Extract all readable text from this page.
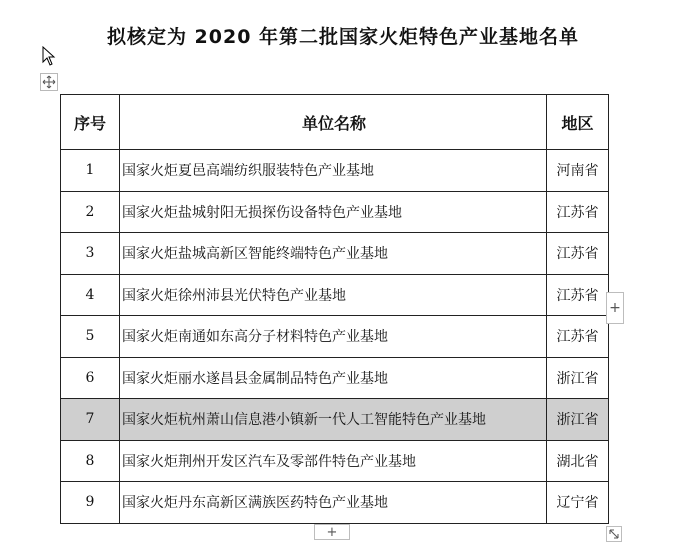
拟核定为 2020 年第二批国家火炬特色产业基地名单
序号	单位名称	地区
1	国家火炬夏邑高端纺织服装特色产业基地	河南省
2	国家火炬盐城射阳无损探伤设备特色产业基地	江苏省
3	国家火炬盐城高新区智能终端特色产业基地	江苏省
4	国家火炬徐州沛县光伏特色产业基地	江苏省
5	国家火炬南通如东高分子材料特色产业基地	江苏省
6	国家火炬丽水遂昌县金属制品特色产业基地	浙江省
7	国家火炬杭州萧山信息港小镇新一代人工智能特色产业基地	浙江省
8	国家火炬荆州开发区汽车及零部件特色产业基地	湖北省
9	国家火炬丹东高新区满族医药特色产业基地	辽宁省
+
+
